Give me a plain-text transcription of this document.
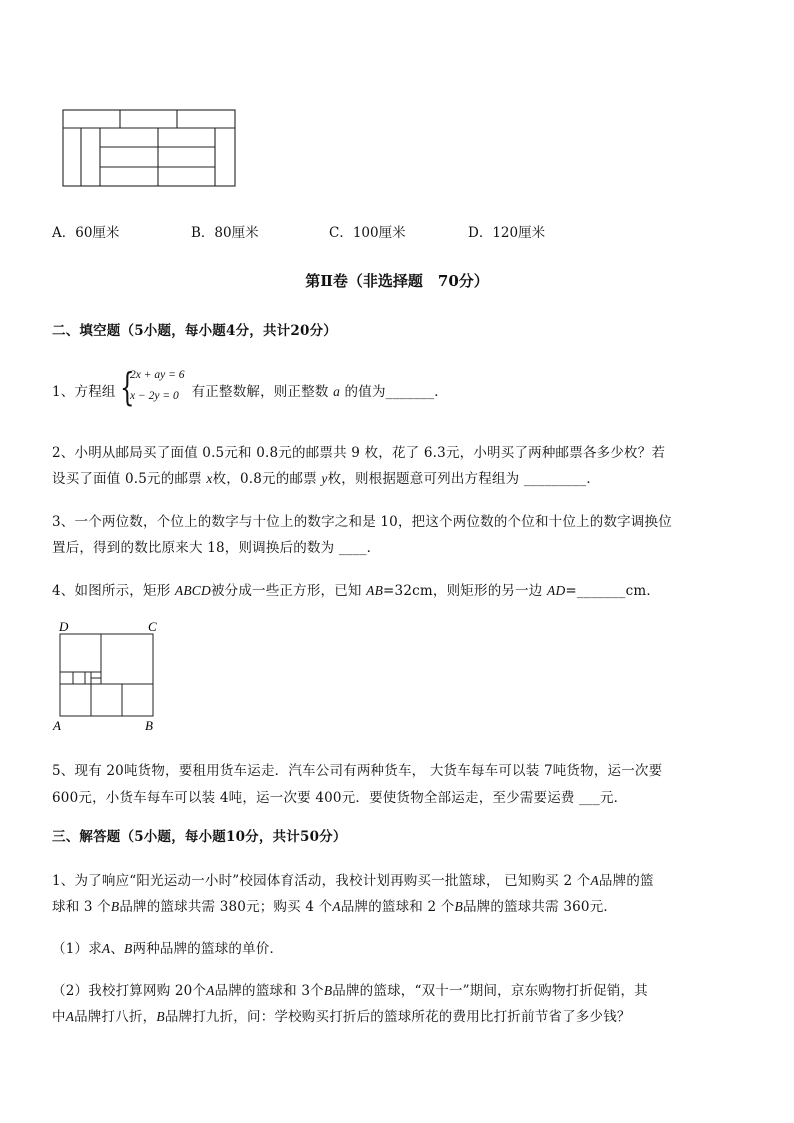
A．60厘米	B．80厘米	C．100厘米	D．120厘米
第Ⅱ卷（非选择题　70分）
二、填空题（5小题，每小题4分，共计20分）
1、方程组	有正整数解，则正整数 a 的值为_______．
{
2x + ay = 6
x − 2y = 0
2、小明从邮局买了面值 0.5元和 0.8元的邮票共 9 枚，花了 6.3元，小明买了两种邮票各多少枚？若
设买了面值 0.5元的邮票 x枚，0.8元的邮票 y枚，则根据题意可列出方程组为 _________．
3、一个两位数，个位上的数字与十位上的数字之和是 10，把这个两位数的个位和十位上的数字调换位
置后，得到的数比原来大 18，则调换后的数为 ____．
4、如图所示，矩形 ABCD被分成一些正方形，已知 AB=32cm，则矩形的另一边 AD=_______cm．
D	C
A	B
5、现有 20吨货物，要租用货车运走．汽车公司有两种货车， 大货车每车可以装 7吨货物，运一次要
600元，小货车每车可以装 4吨，运一次要 400元．要使货物全部运走，至少需要运费 ___元．
三、解答题（5小题，每小题10分，共计50分）
1、为了响应“阳光运动一小时”校园体育活动，我校计划再购买一批篮球， 已知购买 2 个A品牌的篮
球和 3 个B品牌的篮球共需 380元；购买 4 个A品牌的篮球和 2 个B品牌的篮球共需 360元．
（1）求A、B两种品牌的篮球的单价．
（2）我校打算网购 20个A品牌的篮球和 3个B品牌的篮球，“双十一”期间，京东购物打折促销，其
中A品牌打八折，B品牌打九折，问：学校购买打折后的篮球所花的费用比打折前节省了多少钱？
